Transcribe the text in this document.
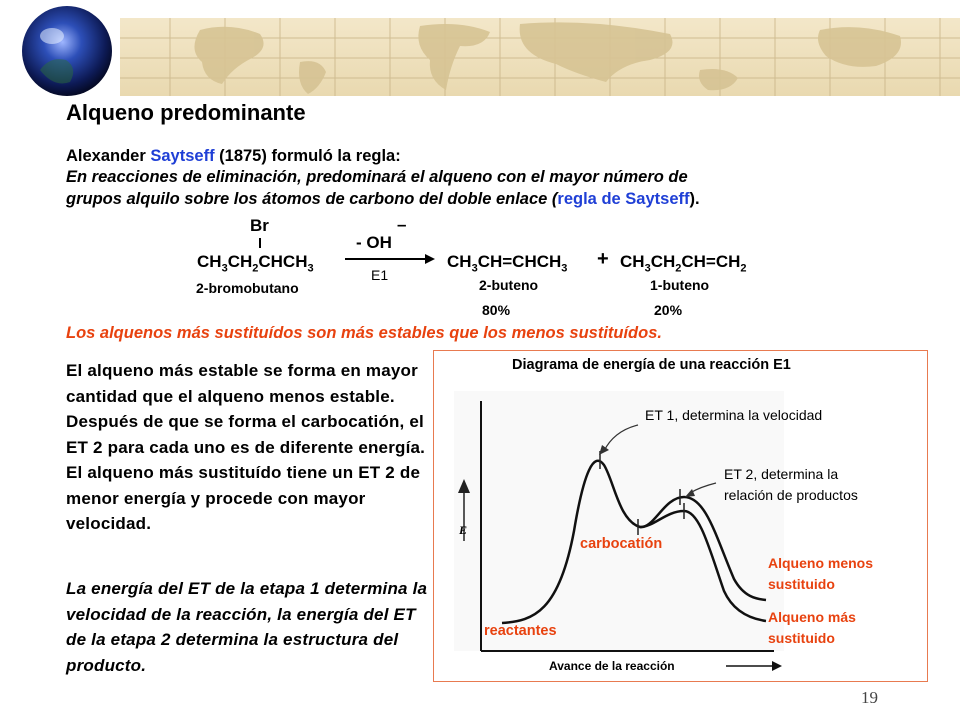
Alqueno predominante
Alexander Saytseff (1875) formuló la regla:
En reacciones de eliminación, predominará el alqueno con el mayor número de
grupos alquilo sobre los átomos de carbono del doble enlace (regla de Saytseff).
Br
$CH_3CH_2CHCH_3$
2-bromobutano
- OH
–
E1
$CH_3CH=CHCH_3 + CH_3CH_2CH=CH_2$
2-buteno	1-buteno
80%	20%
Los alquenos más sustituídos son más estables que los menos sustituídos.
El alqueno más estable se forma en mayor cantidad que el alqueno menos estable. Después de que se forma el carbocatión, el ET 2 para cada uno es de diferente energía. El alqueno más sustituído tiene un ET 2 de menor energía y procede con mayor velocidad.
La energía del ET de la etapa 1 determina la velocidad de la reacción, la energía del ET de la etapa 2 determina la estructura del producto.
Diagrama de energía de una reacción E1
E
ET 1, determina la velocidad
ET 2, determina la
relación de productos
carbocatión
reactantes
Alqueno menos
sustituido
Alqueno más
sustituido
Avance de la reacción
19
